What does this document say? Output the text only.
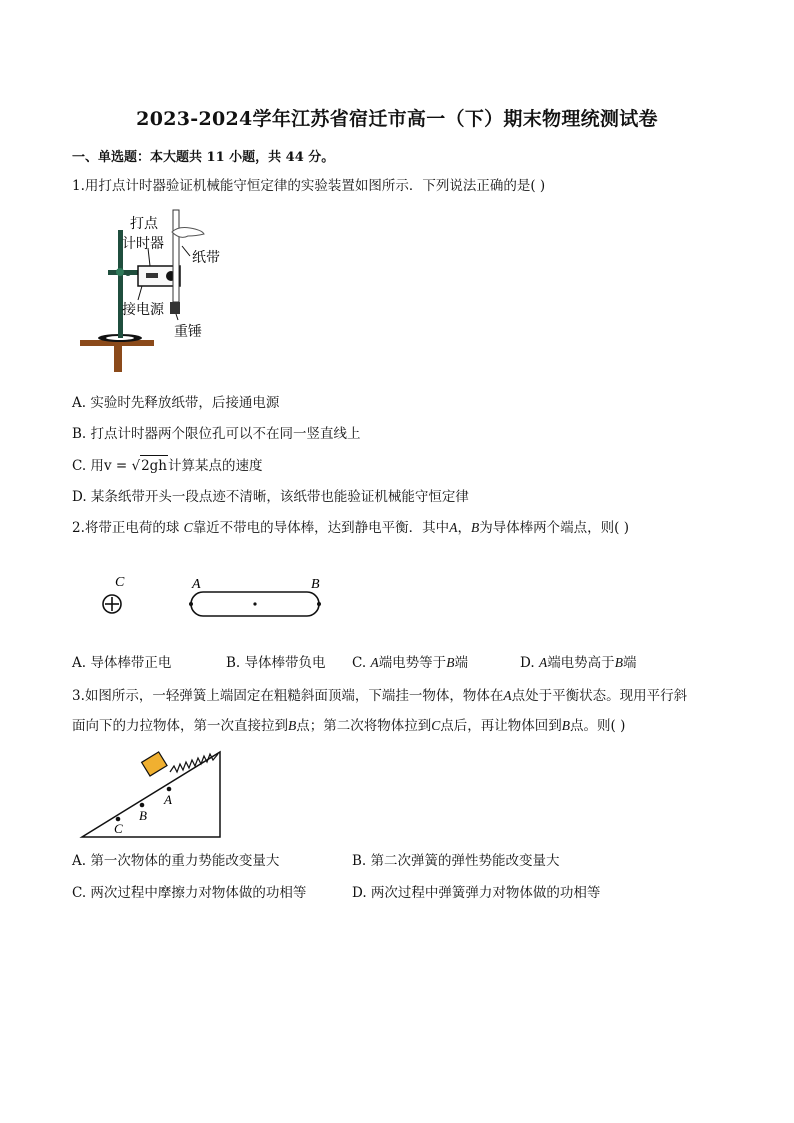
2023-2024学年江苏省宿迁市高一（下）期末物理统测试卷
一、单选题：本大题共 11 小题，共 44 分。
1.用打点计时器验证机械能守恒定律的实验装置如图所示．下列说法正确的是( )
打点
计时器
纸带
接电源
重锤
A. 实验时先释放纸带，后接通电源
B. 打点计时器两个限位孔可以不在同一竖直线上
C. 用v = √2gh计算某点的速度
D. 某条纸带开头一段点迹不清晰，该纸带也能验证机械能守恒定律
2.将带正电荷的球 C靠近不带电的导体棒，达到静电平衡．其中A，B为导体棒两个端点，则( )
C	A	B
A. 导体棒带正电	B. 导体棒带负电 C. A端电势等于B端	D. A端电势高于B端
3.如图所示，一轻弹簧上端固定在粗糙斜面顶端，下端挂一物体，物体在A点处于平衡状态。现用平行斜
面向下的力拉物体，第一次直接拉到B点；第二次将物体拉到C点后，再让物体回到B点。则( )
A
B
C
A. 第一次物体的重力势能改变量大	B. 第二次弹簧的弹性势能改变量大
C. 两次过程中摩擦力对物体做的功相等	D. 两次过程中弹簧弹力对物体做的功相等
